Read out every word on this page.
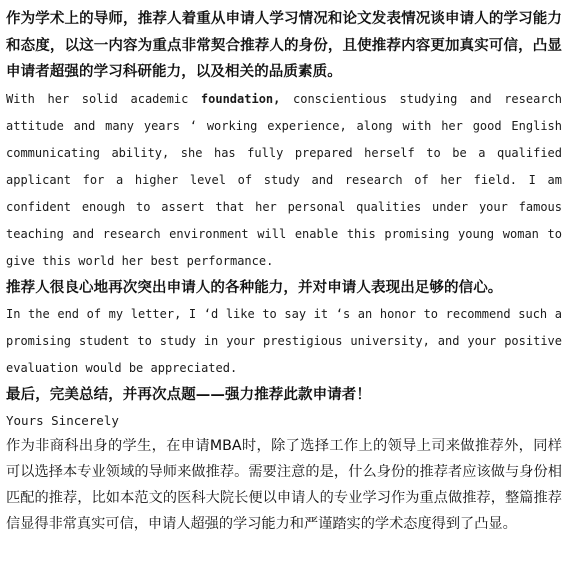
作为学术上的导师，推荐人着重从申请人学习情况和论文发表情况谈申请人的学习能力和态度，以这一内容为重点非常契合推荐人的身份，且使推荐内容更加真实可信，凸显申请者超强的学习科研能力，以及相关的品质素质。

With her solid academic foundation, conscientious studying and research attitude and many years ‘ working experience, along with her good English communicating ability, she has fully prepared herself to be a qualified applicant for a higher level of study and research of her field. I am confident enough to assert that her personal qualities under your famous teaching and research environment will enable this promising young woman to give this world her best performance.

推荐人很良心地再次突出申请人的各种能力，并对申请人表现出足够的信心。

In the end of my letter, I ‘d like to say it ‘s an honor to recommend such a promising student to study in your prestigious university, and your positive evaluation would be appreciated.

最后，完美总结，并再次点题——强力推荐此款申请者！

Yours Sincerely

作为非商科出身的学生，在申请MBA时，除了选择工作上的领导上司来做推荐外，同样可以选择本专业领域的导师来做推荐。需要注意的是，什么身份的推荐者应该做与身份相匹配的推荐，比如本范文的医科大院长便以申请人的专业学习作为重点做推荐，整篇推荐信显得非常真实可信，申请人超强的学习能力和严谨踏实的学术态度得到了凸显。
